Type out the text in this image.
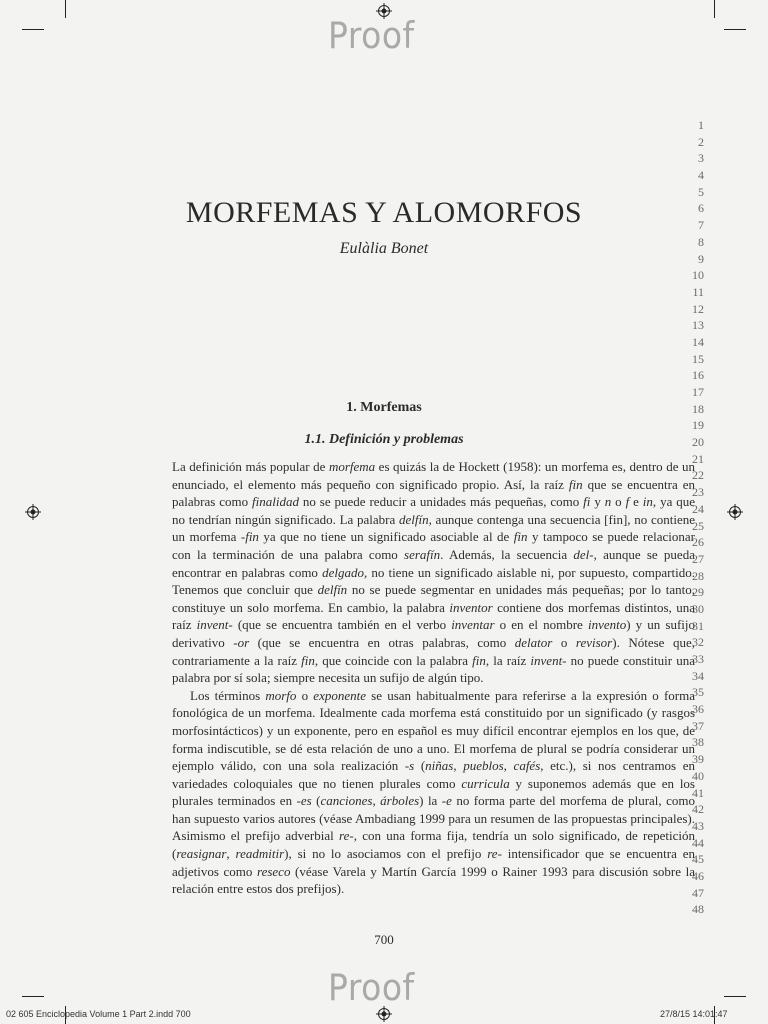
Proof
Proof
MORFEMAS Y ALOMORFOS
Eulàlia Bonet
1. Morfemas
1.1. Definición y problemas

La definición más popular de morfema es quizás la de Hockett (1958): un morfema es, dentro de un enunciado, el elemento más pequeño con significado propio. Así, la raíz fin que se encuentra en palabras como finalidad no se puede reducir a unidades más pequeñas, como fi y n o f e in, ya que no tendrían ningún significado. La palabra delfín, aunque contenga una secuencia [fin], no contiene un morfema -fin ya que no tiene un significado asociable al de fin y tampoco se puede relacionar con la terminación de una palabra como serafín. Además, la secuencia del-, aunque se pueda encontrar en palabras como delgado, no tiene un significado aislable ni, por supuesto, compartido. Tenemos que concluir que delfín no se puede segmentar en unidades más pequeñas; por lo tanto, constituye un solo morfema. En cambio, la palabra inventor contiene dos morfemas distintos, una raíz invent- (que se encuentra también en el verbo inventar o en el nombre invento) y un sufijo derivativo -or (que se encuentra en otras palabras, como delator o revisor). Nótese que, contrariamente a la raíz fin, que coincide con la palabra fin, la raíz invent- no puede constituir una palabra por sí sola; siempre necesita un sufijo de algún tipo.

Los términos morfo o exponente se usan habitualmente para referirse a la expresión o forma fonológica de un morfema. Idealmente cada morfema está constituido por un significado (y rasgos morfosintácticos) y un exponente, pero en español es muy difícil encontrar ejemplos en los que, de forma indiscutible, se dé esta relación de uno a uno. El morfema de plural se podría considerar un ejemplo válido, con una sola realización -s (niñas, pueblos, cafés, etc.), si nos centramos en variedades coloquiales que no tienen plurales como curricula y suponemos además que en los plurales terminados en -es (canciones, árboles) la -e no forma parte del morfema de plural, como han supuesto varios autores (véase Ambadiang 1999 para un resumen de las propuestas principales). Asimismo el prefijo adverbial re-, con una forma fija, tendría un solo significado, de repetición (reasignar, readmitir), si no lo asociamos con el prefijo re- intensificador que se encuentra en adjetivos como reseco (véase Varela y Martín García 1999 o Rainer 1993 para discusión sobre la relación entre estos dos prefijos).

1
2
3
4
5
6
7
8
9
10
11
12
13
14
15
16
17
18
19
20
21
22
23
24
25
26
27
28
29
30
31
32
33
34
35
36
37
38
39
40
41
42
43
44
45
46
47
48
700
02 605 Enciclopedia Volume 1 Part 2.indd 700	27/8/15 14:01:47
